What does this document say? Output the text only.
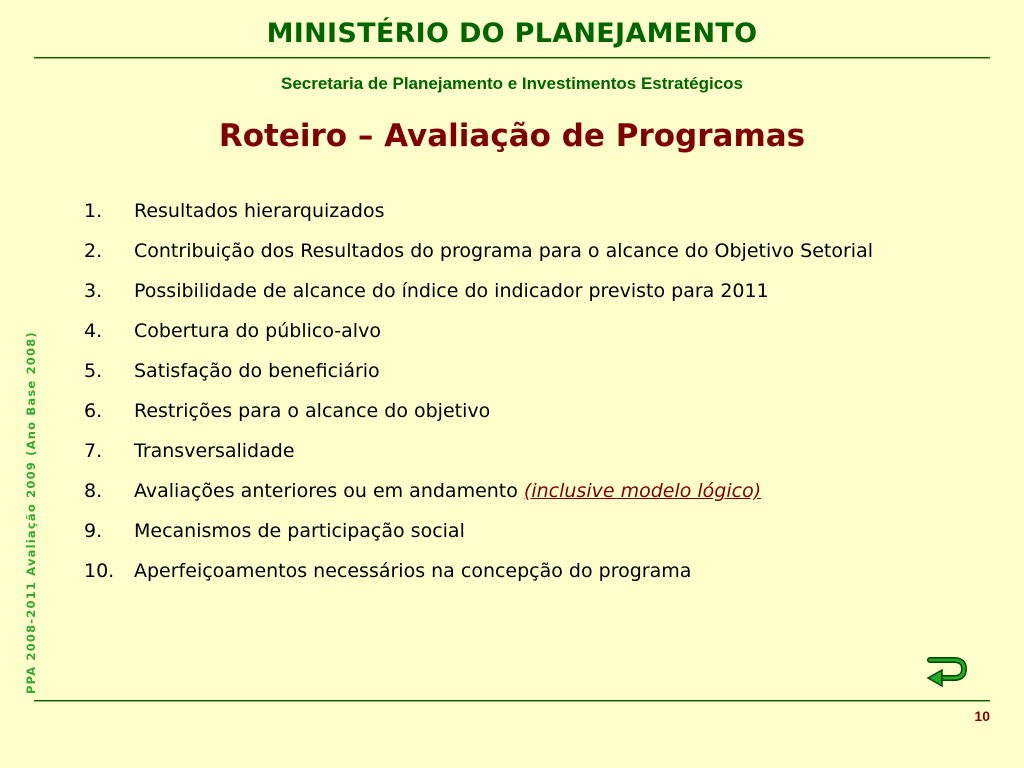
MINISTÉRIO DO PLANEJAMENTO
Secretaria de Planejamento e Investimentos Estratégicos
Roteiro – Avaliação de Programas
1.	Resultados hierarquizados
2.	Contribuição dos Resultados do programa para o alcance do Objetivo Setorial
3.	Possibilidade de alcance do índice do indicador previsto para 2011
4.	Cobertura do público-alvo
5.	Satisfação do beneficiário
6.	Restrições para o alcance do objetivo
7.	Transversalidade
8.	Avaliações anteriores ou em andamento (inclusive modelo lógico)
9.	Mecanismos de participação social
10.	Aperfeiçoamentos necessários na concepção do programa
PPA 2008-2011 Avaliação 2009 (Ano Base 2008)
10
